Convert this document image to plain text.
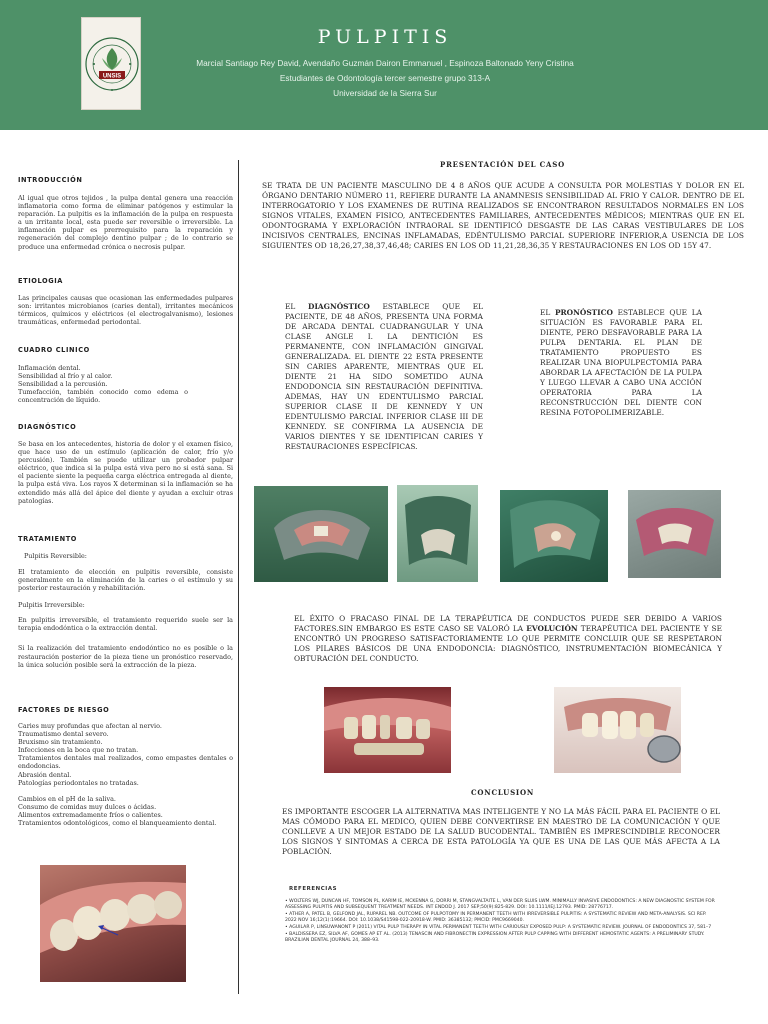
UNSIS
PULPITIS
Marcial Santiago Rey David, Avendaño Guzmán Dairon Emmanuel , Espinoza Baltonado Yeny Cristina
Estudiantes de Odontología tercer semestre grupo 313-A
Universidad de la Sierra Sur
INTRODUCCIÓN
Al igual que otros tejidos , la pulpa dental genera una reacción inflamatoria como forma de eliminar patógenos y estimular la reparación. La pulpitis es la inflamación de la pulpa en respuesta a un irritante local, esta puede ser reversible o irreversible. La inflamación pulpar es prerrequisito para la reparación y regeneración del complejo dentino pulpar ; de lo contrario se produce una enfermedad crónica o necrosis pulpar.
ETIOLOGIA
Las principales causas que ocasionan las enfermedades pulpares son: irritantes microbianos (caries dental), irritantes mecánicos térmicos, químicos y eléctricos (el electrogalvanismo), lesiones traumáticas, enfermedad periodontal.
CUADRO CLINICO
Inflamación dental.
Sensibilidad al frío y al calor.
Sensibilidad a la percusión.
Tumefacción, también conocido como edema o concentración de líquido.
DIAGNÓSTICO
Se basa en los antecedentes, historia de dolor y el examen físico, que hace uso de un estímulo (aplicación de calor, frío y/o percusión). También se puede utilizar un probador pulpar eléctrico, que indica si la pulpa está viva pero no si está sana. Si el paciente siente la pequeña carga eléctrica entregada al diente, la pulpa está viva. Los rayos X determinan si la inflamación se ha extendido más allá del ápice del diente y ayudan a excluir otras patologías.
TRATAMIENTO
Pulpitis Reversible:
El tratamiento de elección en pulpitis reversible, consiste generalmente en la eliminación de la caries o el estímulo y su posterior restauración y rehabilitación.
Pulpitis Irreversible:
En pulpitis irreversible, el tratamiento requerido suele ser la terapia endodóntica o la extracción dental.
Si la realización del tratamiento endodóntico no es posible o la restauración posterior de la pieza tiene un pronóstico reservado, la única solución posible será la extracción de la pieza.
FACTORES DE RIESGO
Caries muy profundas que afectan al nervio.
Traumatismo dental severo.
Bruxismo sin tratamiento.
Infecciones en la boca que no tratan.
Tratamientos dentales mal realizados, como empastes dentales o endodoncias.
Abrasión dental.
Patologías periodontales no tratadas.
Cambios en el pH de la saliva.
Consumo de comidas muy dulces o ácidas.
Alimentos extremadamente fríos o calientes.
Tratamientos odontológicos, como el blanqueamiento dental.
PRESENTACIÓN DEL CASO
SE TRATA DE UN PACIENTE MASCULINO DE 4 8 AÑOS QUE ACUDE A CONSULTA POR MOLESTIAS Y DOLOR EN EL ÓRGANO DENTARIO NÚMERO 11, REFIERE DURANTE LA ANAMNESIS SENSIBILIDAD AL FRIO Y CALOR. DENTRO DE EL INTERROGATORIO Y LOS EXAMENES DE RUTINA REALIZADOS SE ENCONTRARON RESULTADOS NORMALES EN LOS SIGNOS VITALES, EXAMEN FISICO, ANTECEDENTES FAMILIARES, ANTECEDENTES MÉDICOS; MIENTRAS QUE EN EL ODONTOGRAMA Y EXPLORACIÓN INTRAORAL SE IDENTIFICÓ DESGASTE DE LAS CARAS VESTIBULARES DE LOS INCISIVOS CENTRALES, ENCINAS INFLAMADAS, EDÉNTULISMO PARCIAL SUPERIORE INFERIOR,A USENCIA DE LOS SIGUIENTES OD 18,26,27,38,37,46,48; CARIES EN LOS OD 11,21,28,36,35 Y RESTAURACIONES EN LOS OD 15Y 47.
EL DIAGNÓSTICO ESTABLECE QUE EL PACIENTE, DE 48 AÑOS, PRESENTA UNA FORMA DE ARCADA DENTAL CUADRANGULAR Y UNA CLASE ANGLE I. LA DENTICIÓN ES PERMANENTE, CON INFLAMACIÓN GINGIVAL GENERALIZADA. EL DIENTE 22 ESTA PRESENTE SIN CARIES APARENTE, MIENTRAS QUE EL DIENTE 21 HA SIDO SOMETIDO AUNA ENDODONCIA SIN RESTAURACIÓN DEFINITIVA. ADEMAS, HAY UN EDENTULISMO PARCIAL SUPERIOR CLASE II DE KENNEDY Y UN EDENTULISMO PARCIAL INFERIOR CLASE III DE KENNEDY. SE CONFIRMA LA AUSENCIA DE VARIOS DIENTES Y SE IDENTIFICAN CARIES Y RESTAURACIONES ESPECÍFICAS.
EL PRONÓSTICO ESTABLECE QUE LA SITUACIÓN ES FAVORABLE PARA EL DIENTE, PERO DESFAVORABLE PARA LA PULPA DENTARIA. EL PLAN DE TRATAMIENTO PROPUESTO ES REALIZAR UNA BIOPULPECTOMIA PARA ABORDAR LA AFECTACIÓN DE LA PULPA Y LUEGO LLEVAR A CABO UNA ACCIÓN OPERATORIA PARA LA RECONSTRUCCIÓN DEL DIENTE CON RESINA FOTOPOLIMERIZABLE.
EL ÉXITO O FRACASO FINAL DE LA TERAPÉUTICA DE CONDUCTOS PUEDE SER DEBIDO A VARIOS FACTORES.SIN EMBARGO ES ESTE CASO SE VALORÓ LA EVOLUCIÓN TERAPÉUTICA DEL PACIENTE Y SE ENCONTRÓ UN PROGRESO SATISFACTORIAMENTE LO QUE PERMITE CONCLUIR QUE SE RESPETARON LOS PILARES BÁSICOS DE UNA ENDODONCIA: DIAGNÓSTICO, INSTRUMENTACIÓN BIOMECÁNICA Y OBTURACIÓN DEL CONDUCTO.
CONCLUSION
ES IMPORTANTE ESCOGER LA ALTERNATIVA MAS INTELIGENTE Y NO LA MÁS FÁCIL PARA EL PACIENTE O EL MAS CÓMODO PARA EL MEDICO, QUIEN DEBE CONVERTIRSE EN MAESTRO DE LA COMUNICACIÓN Y QUE CONLLEVE A UN MEJOR ESTADO DE LA SALUD BUCODENTAL. TAMBIÉN ES IMPRESCINDIBLE RECONOCER LOS SIGNOS Y SINTOMAS A CERCA DE ESTA PATOLOGÍA YA QUE ES UNA DE LAS QUE MÁS AFECTA A LA POBLACIÓN.
REFERENCIAS
• WOLTERS WJ, DUNCAN HF, TOMSON PL, KARIM IE, MCKENNA G, DORRI M, STANGVALTAITE L, VAN DER SLUIS LWM. MINIMALLY INVASIVE ENDODONTICS: A NEW DIAGNOSTIC SYSTEM FOR ASSESSING PULPITIS AND SUBSEQUENT TREATMENT NEEDS. INT ENDOD J. 2017 SEP;50(9):825-829. DOI: 10.1111/IEJ.12793. PMID: 28776717.
• ATHER A, PATEL B, GELFOND JAL, RUPAREL NB. OUTCOME OF PULPOTOMY IN PERMANENT TEETH WITH IRREVERSIBLE PULPITIS: A SYSTEMATIC REVIEW AND META-ANALYSIS. SCI REP. 2022 NOV 16;12(1):19664. DOI: 10.1038/S41598-022-20918-W. PMID: 36385132; PMCID: PMC9669040.
• AGUILAR P, LINSUWANONT P (2011) VITAL PULP THERAPY IN VITAL PERMANENT TEETH WITH CARIOUSLY EXPOSED PULP: A SYSTEMATIC REVIEW. JOURNAL OF ENDODONTICS 37, 581–7
• BALDISSERA EZ, SILVA AF, GOMES AP ET AL. (2013) TENASCIN AND FIBRONECTIN EXPRESSION AFTER PULP CAPPING WITH DIFFERENT HEMOSTATIC AGENTS: A PRELIMINARY STUDY. BRAZILIAN DENTAL JOURNAL 24, 388–93.
